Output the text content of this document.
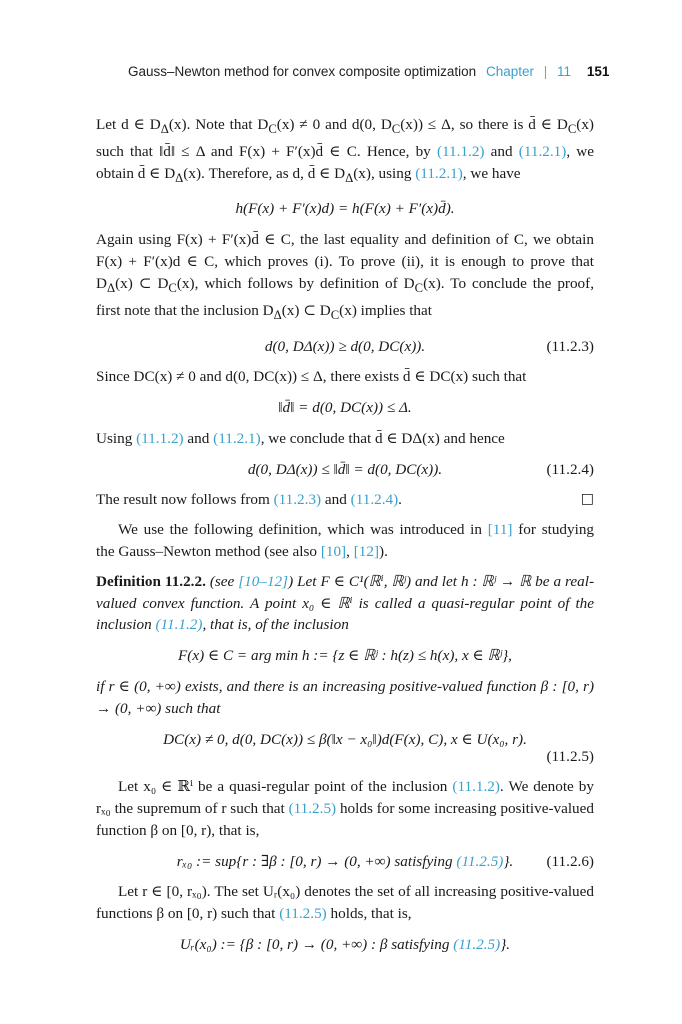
Gauss–Newton method for convex composite optimization Chapter | 11 151

Let d ∈ $D_\Delta(x)$. Note that $D_C(x) \ne 0$ and d(0, $D_C(x)) \le \Delta$, so there is d̄ ∈ $D_C(x)$ such that ‖d̄‖ ≤ Δ and F(x) + F′(x)d̄ ∈ C. Hence, by (11.1.2) and (11.2.1), we obtain d̄ ∈ $D_\Delta(x)$. Therefore, as d, d̄ ∈ $D_\Delta(x)$, using (11.2.1), we have

h(F(x) + F′(x)d) = h(F(x) + F′(x)d̄).

Again using F(x) + F′(x)d̄ ∈ C, the last equality and definition of C, we obtain F(x) + F′(x)d ∈ C, which proves (i). To prove (ii), it is enough to prove that $D_\Delta(x)$ ⊂ $D_C(x)$, which follows by definition of $D_C(x)$. To conclude the proof, first note that the inclusion $D_\Delta(x)$ ⊂ $D_C(x)$ implies that

d(0, DΔ(x)) ≥ d(0, DC(x)).	(11.2.3)

Since DC(x) ≠ 0 and d(0, DC(x)) ≤ Δ, there exists d̄ ∈ DC(x) such that

‖d̄‖ = d(0, DC(x)) ≤ Δ.

Using (11.1.2) and (11.2.1), we conclude that d̄ ∈ DΔ(x) and hence

d(0, DΔ(x)) ≤ ‖d̄‖ = d(0, DC(x)).	(11.2.4)

The result now follows from (11.2.3) and (11.2.4).	□

We use the following definition, which was introduced in [11] for studying the Gauss–Newton method (see also [10], [12]).

Definition 11.2.2. (see [10–12]) Let F ∈ C¹(ℝⁱ, ℝʲ) and let h : ℝʲ → ℝ be a real-valued convex function. A point x₀ ∈ ℝⁱ is called a quasi-regular point of the inclusion (11.1.2), that is, of the inclusion

F(x) ∈ C = arg min h := {z ∈ ℝʲ : h(z) ≤ h(x), x ∈ ℝʲ},

if r ∈ (0, +∞) exists, and there is an increasing positive-valued function β : [0, r) → (0, +∞) such that

DC(x) ≠ 0, d(0, DC(x)) ≤ β(‖x − x₀‖)d(F(x), C), x ∈ U(x₀, r).
(11.2.5)

Let x₀ ∈ ℝⁱ be a quasi-regular point of the inclusion (11.1.2). We denote by rₓ₀ the supremum of r such that (11.2.5) holds for some increasing positive-valued function β on [0, r), that is,

rₓ₀ := sup{r : ∃β : [0, r) → (0, +∞) satisfying (11.2.5)}. (11.2.6)

Let r ∈ [0, rₓ₀). The set Uᵣ(x₀) denotes the set of all increasing positive-valued functions β on [0, r) such that (11.2.5) holds, that is,

Uᵣ(x₀) := {β : [0, r) → (0, +∞) : β satisfying (11.2.5)}.
